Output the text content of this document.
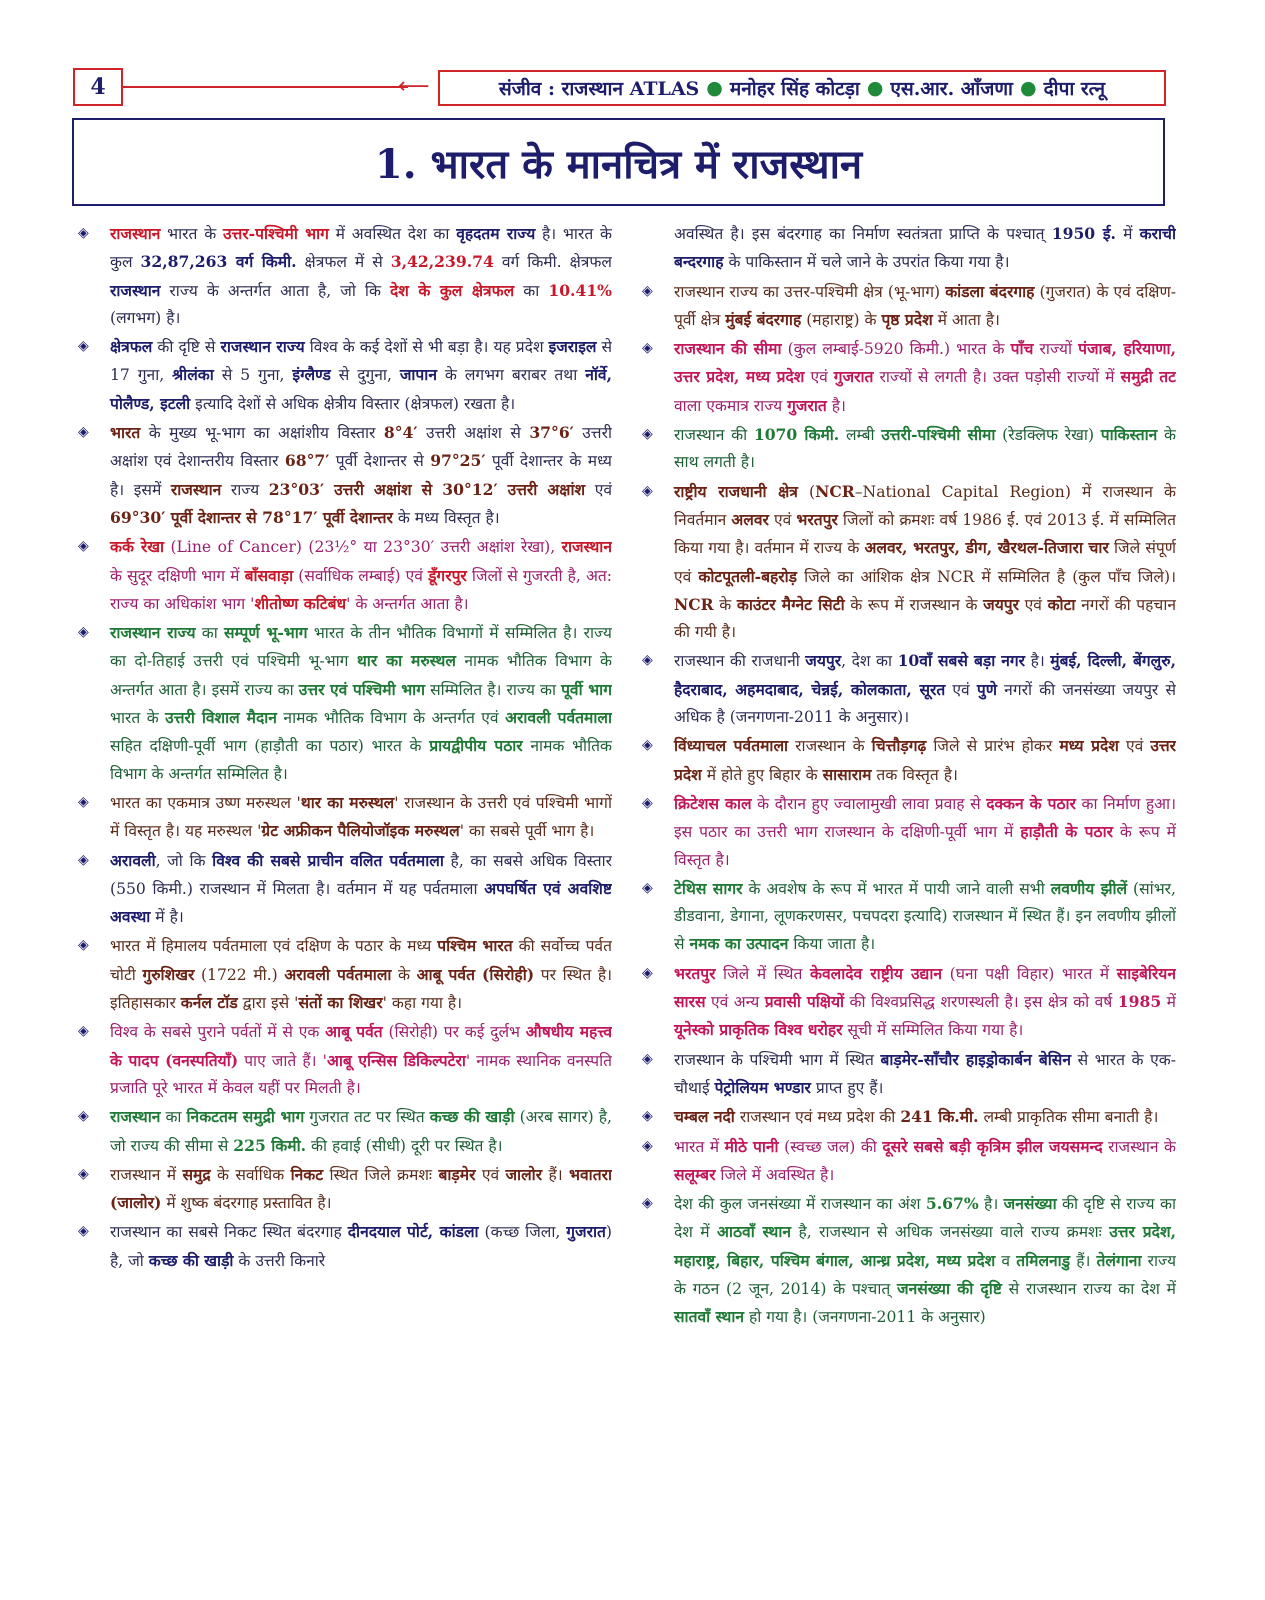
4	⟵	संजीव : राजस्थान ATLAS ● मनोहर सिंह कोटड़ा ● एस.आर. आँजणा ● दीपा रत्नू
1. भारत के मानचित्र में राजस्थान
◈ राजस्थान भारत के उत्तर-पश्चिमी भाग में अवस्थित देश का वृहदतम राज्य है। भारत के कुल 32,87,263 वर्ग किमी. क्षेत्रफल में से 3,42,239.74 वर्ग किमी. क्षेत्रफल राजस्थान राज्य के अन्तर्गत आता है, जो कि देश के कुल क्षेत्रफल का 10.41% (लगभग) है।
◈ क्षेत्रफल की दृष्टि से राजस्थान राज्य विश्व के कई देशों से भी बड़ा है। यह प्रदेश इजराइल से 17 गुना, श्रीलंका से 5 गुना, इंग्लैण्ड से दुगुना, जापान के लगभग बराबर तथा नॉर्वे, पोलैण्ड, इटली इत्यादि देशों से अधिक क्षेत्रीय विस्तार (क्षेत्रफल) रखता है।
◈ भारत के मुख्य भू-भाग का अक्षांशीय विस्तार 8°4′ उत्तरी अक्षांश से 37°6′ उत्तरी अक्षांश एवं देशान्तरीय विस्तार 68°7′ पूर्वी देशान्तर से 97°25′ पूर्वी देशान्तर के मध्य है। इसमें राजस्थान राज्य 23°03′ उत्तरी अक्षांश से 30°12′ उत्तरी अक्षांश एवं 69°30′ पूर्वी देशान्तर से 78°17′ पूर्वी देशान्तर के मध्य विस्तृत है।
◈ कर्क रेखा (Line of Cancer) (23½° या 23°30′ उत्तरी अक्षांश रेखा), राजस्थान के सुदूर दक्षिणी भाग में बाँसवाड़ा (सर्वाधिक लम्बाई) एवं डूँगरपुर जिलों से गुजरती है, अत: राज्य का अधिकांश भाग 'शीतोष्ण कटिबंध' के अन्तर्गत आता है।
◈ राजस्थान राज्य का सम्पूर्ण भू-भाग भारत के तीन भौतिक विभागों में सम्मिलित है। राज्य का दो-तिहाई उत्तरी एवं पश्चिमी भू-भाग थार का मरुस्थल नामक भौतिक विभाग के अन्तर्गत आता है। इसमें राज्य का उत्तर एवं पश्चिमी भाग सम्मिलित है। राज्य का पूर्वी भाग भारत के उत्तरी विशाल मैदान नामक भौतिक विभाग के अन्तर्गत एवं अरावली पर्वतमाला सहित दक्षिणी-पूर्वी भाग (हाड़ौती का पठार) भारत के प्रायद्वीपीय पठार नामक भौतिक विभाग के अन्तर्गत सम्मिलित है।
◈ भारत का एकमात्र उष्ण मरुस्थल 'थार का मरुस्थल' राजस्थान के उत्तरी एवं पश्चिमी भागों में विस्तृत है। यह मरुस्थल 'ग्रेट अफ्रीकन पैलियोजॉइक मरुस्थल' का सबसे पूर्वी भाग है।
◈ अरावली, जो कि विश्व की सबसे प्राचीन वलित पर्वतमाला है, का सबसे अधिक विस्तार (550 किमी.) राजस्थान में मिलता है। वर्तमान में यह पर्वतमाला अपघर्षित एवं अवशिष्ट अवस्था में है।
◈ भारत में हिमालय पर्वतमाला एवं दक्षिण के पठार के मध्य पश्चिम भारत की सर्वोच्च पर्वत चोटी गुरुशिखर (1722 मी.) अरावली पर्वतमाला के आबू पर्वत (सिरोही) पर स्थित है। इतिहासकार कर्नल टॉड द्वारा इसे 'संतों का शिखर' कहा गया है।
◈ विश्व के सबसे पुराने पर्वतों में से एक आबू पर्वत (सिरोही) पर कई दुर्लभ औषधीय महत्त्व के पादप (वनस्पतियाँ) पाए जाते हैं। 'आबू एन्सिस डिकिल्पटेरा' नामक स्थानिक वनस्पति प्रजाति पूरे भारत में केवल यहीं पर मिलती है।
◈ राजस्थान का निकटतम समुद्री भाग गुजरात तट पर स्थित कच्छ की खाड़ी (अरब सागर) है, जो राज्य की सीमा से 225 किमी. की हवाई (सीधी) दूरी पर स्थित है।
◈ राजस्थान में समुद्र के सर्वाधिक निकट स्थित जिले क्रमशः बाड़मेर एवं जालोर हैं। भवातरा (जालोर) में शुष्क बंदरगाह प्रस्तावित है।
◈ राजस्थान का सबसे निकट स्थित बंदरगाह दीनदयाल पोर्ट, कांडला (कच्छ जिला, गुजरात) है, जो कच्छ की खाड़ी के उत्तरी किनारे
अवस्थित है। इस बंदरगाह का निर्माण स्वतंत्रता प्राप्ति के पश्चात् 1950 ई. में कराची बन्दरगाह के पाकिस्तान में चले जाने के उपरांत किया गया है।
◈ राजस्थान राज्य का उत्तर-पश्चिमी क्षेत्र (भू-भाग) कांडला बंदरगाह (गुजरात) के एवं दक्षिण-पूर्वी क्षेत्र मुंबई बंदरगाह (महाराष्ट्र) के पृष्ठ प्रदेश में आता है।
◈ राजस्थान की सीमा (कुल लम्बाई-5920 किमी.) भारत के पाँच राज्यों पंजाब, हरियाणा, उत्तर प्रदेश, मध्य प्रदेश एवं गुजरात राज्यों से लगती है। उक्त पड़ोसी राज्यों में समुद्री तट वाला एकमात्र राज्य गुजरात है।
◈ राजस्थान की 1070 किमी. लम्बी उत्तरी-पश्चिमी सीमा (रेडक्लिफ रेखा) पाकिस्तान के साथ लगती है।
◈ राष्ट्रीय राजधानी क्षेत्र (NCR–National Capital Region) में राजस्थान के निवर्तमान अलवर एवं भरतपुर जिलों को क्रमशः वर्ष 1986 ई. एवं 2013 ई. में सम्मिलित किया गया है। वर्तमान में राज्य के अलवर, भरतपुर, डीग, खैरथल-तिजारा चार जिले संपूर्ण एवं कोटपूतली-बहरोड़ जिले का आंशिक क्षेत्र NCR में सम्मिलित है (कुल पाँच जिले)। NCR के काउंटर मैग्नेट सिटी के रूप में राजस्थान के जयपुर एवं कोटा नगरों की पहचान की गयी है।
◈ राजस्थान की राजधानी जयपुर, देश का 10वाँ सबसे बड़ा नगर है। मुंबई, दिल्ली, बेंगलुरु, हैदराबाद, अहमदाबाद, चेन्नई, कोलकाता, सूरत एवं पुणे नगरों की जनसंख्या जयपुर से अधिक है (जनगणना-2011 के अनुसार)।
◈ विंध्याचल पर्वतमाला राजस्थान के चित्तौड़गढ़ जिले से प्रारंभ होकर मध्य प्रदेश एवं उत्तर प्रदेश में होते हुए बिहार के सासाराम तक विस्तृत है।
◈ क्रिटेशस काल के दौरान हुए ज्वालामुखी लावा प्रवाह से दक्कन के पठार का निर्माण हुआ। इस पठार का उत्तरी भाग राजस्थान के दक्षिणी-पूर्वी भाग में हाड़ौती के पठार के रूप में विस्तृत है।
◈ टेथिस सागर के अवशेष के रूप में भारत में पायी जाने वाली सभी लवणीय झीलें (सांभर, डीडवाना, डेगाना, लूणकरणसर, पचपदरा इत्यादि) राजस्थान में स्थित हैं। इन लवणीय झीलों से नमक का उत्पादन किया जाता है।
◈ भरतपुर जिले में स्थित केवलादेव राष्ट्रीय उद्यान (घना पक्षी विहार) भारत में साइबेरियन सारस एवं अन्य प्रवासी पक्षियों की विश्वप्रसिद्ध शरणस्थली है। इस क्षेत्र को वर्ष 1985 में यूनेस्को प्राकृतिक विश्व धरोहर सूची में सम्मिलित किया गया है।
◈ राजस्थान के पश्चिमी भाग में स्थित बाड़मेर-साँचौर हाइड्रोकार्बन बेसिन से भारत के एक-चौथाई पेट्रोलियम भण्डार प्राप्त हुए हैं।
◈ चम्बल नदी राजस्थान एवं मध्य प्रदेश की 241 कि.मी. लम्बी प्राकृतिक सीमा बनाती है।
◈ भारत में मीठे पानी (स्वच्छ जल) की दूसरे सबसे बड़ी कृत्रिम झील जयसमन्द राजस्थान के सलूम्बर जिले में अवस्थित है।
◈ देश की कुल जनसंख्या में राजस्थान का अंश 5.67% है। जनसंख्या की दृष्टि से राज्य का देश में आठवाँ स्थान है, राजस्थान से अधिक जनसंख्या वाले राज्य क्रमशः उत्तर प्रदेश, महाराष्ट्र, बिहार, पश्चिम बंगाल, आन्ध्र प्रदेश, मध्य प्रदेश व तमिलनाडु हैं। तेलंगाना राज्य के गठन (2 जून, 2014) के पश्चात् जनसंख्या की दृष्टि से राजस्थान राज्य का देश में सातवाँ स्थान हो गया है। (जनगणना-2011 के अनुसार)
